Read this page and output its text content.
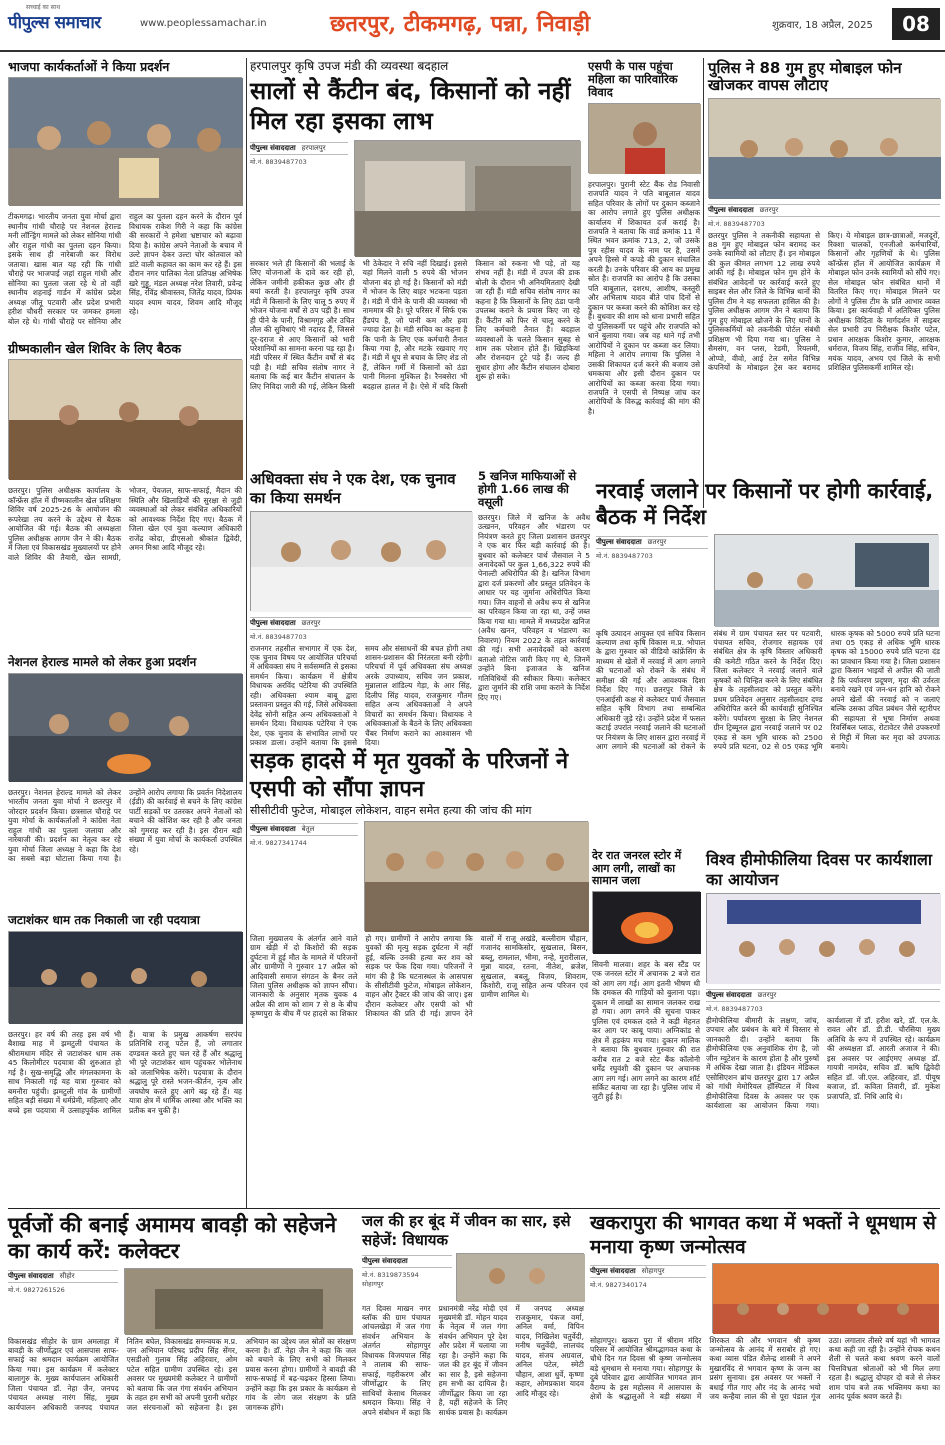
सच्चाई का साथ
पीपुल्स समाचार	www.peoplessamachar.in	छतरपुर, टीकमगढ़, पन्ना, निवाड़ी	शुक्रवार, 18 अप्रैल, 2025	08
भाजपा कार्यकर्ताओं ने किया प्रदर्शन
टीकमगढ़। भारतीय जनता युवा मोर्चा द्वारा स्थानीय गांधी चौराहे पर नेशनल हेराल्ड मनी लॉन्ड्रिंग मामले को लेकर सोनिया गांधी और राहुल गांधी का पुतला दहन किया। इसके साथ ही नारेबाजी कर विरोध जताया। खास बात यह रही कि गांधी चौराहे पर भाजपाई जहां राहुल गांधी और सोनिया का पुतला जला रहे थे तो वहीं स्थानीय शहनाई गार्डन में कांग्रेस प्रदेश अध्यक्ष जीतू पटवारी और प्रदेश प्रभारी हरीश चौधरी सरकार पर जमकर हमला बोल रहे थे। गांधी चौराहे पर सोनिया और राहुल का पुतला दहन करने के दौरान पूर्व विधायक राकेश गिरी ने कहा कि कांग्रेस की सरकारों ने हमेशा भ्रष्टाचार को बढ़ावा दिया है। कांग्रेस अपने नेताओं के बचाव में उल्टे ज्ञापन देकर उल्टा चोर कोतवाल को डांटे वाली कहावत का काम कर रहे हैं। इस दौरान नगर पालिका नेता प्रतिपक्ष अभिषेक खरे गुड्डू, मंडल अध्यक्ष नरेश तिवारी, प्रवेन्द्र सिंह, रविंद्र श्रीवास्तव, जितेंद्र यादव, प्रियंक यादव श्याम यादव, शिवम आदि मौजूद रहे।
ग्रीष्मकालीन खेल शिविर के लिए बैठक
छतरपुर। पुलिस अधीक्षक कार्यालय के कॉन्फ्रेंस हॉल में ग्रीष्मकालीन खेल प्रशिक्षण शिविर वर्ष 2025-26 के आयोजन की रूपरेखा तय करने के उद्देश्य से बैठक आयोजित की गई। बैठक की अध्यक्षता पुलिस अधीक्षक आगम जैन ने की। बैठक में जिला एवं विकासखंड मुख्यालयों पर होने वाले शिविर की तैयारी, खेल सामग्री, भोजन, पेयजल, साफ-सफाई, मैदान की स्थिति और खिलाड़ियों की सुरक्षा से जुड़ी व्यवस्थाओं को लेकर संबंधित अधिकारियों को आवश्यक निर्देश दिए गए। बैठक में जिला खेल एवं युवा कल्याण अधिकारी राजेंद्र कोदा, डीएसओ श्रीकांत द्विवेदी, अमन मिश्रा आदि मौजूद रहे।
नेशनल हेराल्ड मामले को लेकर हुआ प्रदर्शन
छतरपुर। नेशनल हेराल्ड मामले को लेकर भारतीय जनता युवा मोर्चा ने छतरपुर में जोरदार प्रदर्शन किया। छत्रसाल चौराहे पर युवा मोर्चा के कार्यकर्ताओं ने कांग्रेस नेता राहुल गांधी का पुतला जलाया और नारेबाजी की। प्रदर्शन का नेतृत्व कर रहे युवा मोर्चा जिला अध्यक्ष ने कहा कि देश का सबसे बड़ा घोटाला किया गया है। उन्होंने आरोप लगाया कि प्रवर्तन निदेशालय (ईडी) की कार्रवाई से बचने के लिए कांग्रेस पार्टी सड़कों पर उतरकर अपने नेताओं को बचाने की कोशिश कर रही है और जनता को गुमराह कर रही है। इस दौरान बड़ी संख्या में युवा मोर्चा के कार्यकर्ता उपस्थित रहे।
जटाशंकर धाम तक निकाली जा रही पदयात्रा
छतरपुर। हर वर्ष की तरह इस वर्ष भी बैशाख माह में झमटुली पंचायत के श्रीरामधाम मंदिर से जटाशंकर धाम तक 45 किलोमीटर पदयात्रा की शुरुआत हो गई है। सुख-समृद्धि और मंगलकामना के साथ निकाली गई यह यात्रा गुरुवार को बमनौरा पहुंची। झमटुली गांव के ग्रामीणों सहित बड़ी संख्या में धर्मप्रेमी, महिलाएं और बच्चे इस पदयात्रा में उत्साहपूर्वक शामिल हैं। यात्रा के प्रमुख आकर्षण सरपंच प्रतिनिधि राजू पटेल हैं, जो लगातार दण्डवत करते हुए चल रहे हैं और श्रद्धालु भी पूरे जटाशंकर धाम पहुंचकर भोलेनाथ को जलाभिषेक करेंगे। पदयात्रा के दौरान श्रद्धालु पूरे रास्ते भजन-कीर्तन, नृत्य और जयघोष करते हुए आगे बढ़ रहे हैं। यह यात्रा क्षेत्र में धार्मिक आस्था और भक्ति का प्रतीक बन चुकी है।
हरपालपुर कृषि उपज मंडी की व्यवस्था बदहाल
सालों से कैंटीन बंद, किसानों को नहीं मिल रहा इसका लाभ
पीपुल्स संवाददाता हरपालपुर
मो.नं. 8839487703
सरकार भले ही किसानों की भलाई के लिए योजनाओं के दावे कर रही हो, लेकिन जमीनी हकीकत कुछ और ही बयां करती है। हरपालपुर कृषि उपज मंडी में किसानों के लिए चालू 5 रुपए में भोजन योजना वर्षों से ठप पड़ी है। साथ ही पीने के पानी, विश्रामगृह और उचित तौल की सुविधाएं भी नदारद हैं, जिससे दूर-दराज से आए किसानों को भारी परेशानियों का सामना करना पड़ रहा है। मंडी परिसर में स्थित कैंटीन वर्षों से बंद पड़ी है। मंडी सचिव संतोष नागर ने बताया कि कई बार कैंटीन संचालन के लिए निविदा जारी की गई, लेकिन किसी भी ठेकेदार ने रुचि नहीं दिखाई। इससे यहां मिलने वाली 5 रुपये की भोजन योजना बंद हो गई है। किसानों को मंडी में भोजन के लिए बाहर भटकना पड़ता है। मंडी में पीने के पानी की व्यवस्था भी नाममात्र की है। पूरे परिसर में सिर्फ एक हैंडपंप है, जो पानी कम और हवा ज्यादा देता है। मंडी सचिव का कहना है कि पानी के लिए एक कर्मचारी तैनात किया गया है, और मटके रखवाए गए हैं। मंडी में धूप से बचाव के लिए शेड तो हैं, लेकिन गर्मी में किसानों को ठंडा पानी मिलना मुश्किल है। रैनबसेरा भी बदहाल हालत में है। ऐसे में यदि किसी किसान को रुकना भी पड़े, तो यह संभव नहीं है। मंडी में उपज की डाक बोली के दौरान भी अनियमितताएं देखी जा रही हैं। मंडी सचिव संतोष नागर का कहना है कि किसानों के लिए ठंडा पानी उपलब्ध कराने के प्रयास किए जा रहे हैं। कैंटीन को फिर से चालू करने के लिए कर्मचारी तैनात है। बदहाल व्यवस्थाओं के चलते किसान सुबह से शाम तक परेशान होते हैं। खिड़कियां और रोशनदान टूटे पड़े हैं। जल्द ही सुधार होगा और कैंटीन संचालन दोबारा शुरू हो सके।
एसपी के पास पहुंचा महिला का पारिवारिक विवाद
हरपालपुर। पुरानी स्टेट बैंक रोड निवासी राजपति यादव ने पति बाबूलाल यादव सहित परिवार के लोगों पर दुकान कब्जाने का आरोप लगाते हुए पुलिस अधीक्षक कार्यालय में शिकायत दर्ज कराई है। राजपति ने बताया कि वार्ड क्रमांक 11 में स्थित भवन क्रमांक 713, 2, जो उसके पुत्र रहीस यादव के नाम पर है, उसमें अपने हिस्से में कपड़े की दुकान संचालित करती है। उनके परिवार की आय का प्रमुख स्रोत है। राजपति का आरोप है कि उसका पति बाबूलाल, दशरथ, आशीष, कस्तूरी और अभिलाष यादव बीते पांच दिनों से दुकान पर कब्जा करने की कोशिश कर रहे हैं। बुधवार की शाम को धाना प्रभारी सहित दो पुलिसकर्मी पर पहुंचे और राजपति को धाने बुलाया गया। जब वह थाने गई तभी आरोपियों ने दुकान पर कब्जा कर लिया। महिला ने आरोप लगाया कि पुलिस ने उसकी शिकायत दर्ज करने की बजाय उसे धमकाया और इसी दौरान दुकान पर आरोपियों का कब्जा करवा दिया गया। राजपति ने एसपी से निष्पक्ष जांच कर आरोपियों के विरुद्ध कार्रवाई की मांग की है।
पुलिस ने 88 गुम हुए मोबाइल फोन खोजकर वापस लौटाए
पीपुल्स संवाददाता छतरपुर
मो.नं. 8839487703
छतरपुर पुलिस ने तकनीकी सहायता से 88 गुम हुए मोबाइल फोन बरामद कर उनके स्वामियों को लौटाए हैं। इन मोबाइल की कुल कीमत लगभग 12 लाख रुपये आंकी गई है। मोबाइल फोन गुम होने के संबंधित आवेदनों पर कार्रवाई करते हुए साइबर सेल और जिले के विभिन्न थानों की पुलिस टीम ने यह सफलता हासिल की है। पुलिस अधीक्षक आगम जैन ने बताया कि गुम हुए मोबाइल खोजने के लिए थानों के पुलिसकर्मियों को तकनीकी पोर्टल संबंधी प्रशिक्षण भी दिया गया था। पुलिस ने सैमसंग, वन प्लस, रेडमी, रियलमी, ओप्पो, वीवो, आई टेल समेत विभिन्न कंपनियों के मोबाइल ट्रेस कर बरामद किए। ये मोबाइल छात्र-छात्राओं, मजदूरों, रिक्शा चालकों, एनजीओ कर्मचारियों, किसानों और गृहणियों के थे। पुलिस कॉन्फ्रेंस हॉल में आयोजित कार्यक्रम में मोबाइल फोन उनके स्वामियों को सौंपे गए। सेल मोबाइल फोन संबंधित थानों में वितरित किए गए। मोबाइल मिलने पर लोगों ने पुलिस टीम के प्रति आभार व्यक्त किया। इस कार्यवाही में अतिरिक्त पुलिस अधीक्षक विदिता के मार्गदर्शन में साइबर सेल प्रभारी उप निरीक्षक किशोर पटेल, प्रधान आरक्षक किशोर कुमार, आरक्षक धर्मराज, विजय सिंह, राजीव सिंह, सचिन, मयंक यादव, अभय एवं जिले के सभी प्रशिक्षित पुलिसकर्मी शामिल रहे।
अधिवक्ता संघ ने एक देश, एक चुनाव का किया समर्थन
पीपुल्स संवाददाता छतरपुर
मो.नं. 8839487703
राजनगर तहसील सभागार में एक देश, एक चुनाव विषय पर आयोजित परिचर्चा में अधिवक्ता संघ ने सर्वसम्मति से इसका समर्थन किया। कार्यक्रम में क्षेत्रीय विधायक अरविंद पटेरिया की उपस्थिति रही। अधिवक्ता श्याम बाबू द्वारा प्रस्तावना प्रस्तुत की गई, जिसे अधिवक्ता देवेंद्र सोनी सहित अन्य अधिवक्ताओं ने समर्थन दिया। विधायक पटेरिया ने एक देश, एक चुनाव के संभावित लाभों पर प्रकाश डाला। उन्होंने बताया कि इससे समय और संसाधनों की बचत होगी तथा शासन-प्रशासन की निरंतरता बनी रहेगी। परिचर्चा में पूर्व अधिवक्ता संघ अध्यक्ष अरके उपाध्याय, सचिव जन प्रकाश, मुन्नालाल शांडिल्य गेड़ा, के आर सिंह, दिलीप सिंह यादव, राजकुमार गौतम सहित अन्य अधिवक्ताओं ने अपने विचारों का समर्थन किया। विधायक ने अधिवक्ताओं के बैठने के लिए अधिवक्ता चैंबर निर्माण कराने का आश्वासन भी दिया।
5 खनिज माफियाओं से होगी 1.66 लाख की वसूली
छतरपुर। जिले में खनिज के अवैध उत्खनन, परिवहन और भंडारण पर नियंत्रण करते हुए जिला प्रशासन छतरपुर ने एक बार फिर बड़ी कार्रवाई की है। बुधवार को कलेक्टर पार्थ जैसवाल ने 5 अनावेदकों पर कुल 1,66,322 रुपये की पेनाल्टी अधिरोपित की है। खनिज विभाग द्वारा दर्ज प्रकरणों और प्रस्तुत प्रतिवेदन के आधार पर यह जुर्माना अधिरोपित किया गया। जिन वाहनों से अवैध रूप से खनिज का परिवहन किया जा रहा था, उन्हें जब्त किया गया था। मामले में मध्यप्रदेश खनिज (अवैध खनन, परिवहन व भंडारण का निवारण) नियम 2022 के तहत कार्रवाई की गई। सभी अनावेदकों को कारण बताओ नोटिस जारी किए गए थे, जिनमें उन्होंने बिना इजाजत के खनिज गतिविधियों की स्वीकार किया। कलेक्टर द्वारा जुर्माने की राशि जमा कराने के निर्देश दिए गए।
नरवाई जलाने पर किसानों पर होगी कार्रवाई, बैठक में निर्देश
पीपुल्स संवाददाता छतरपुर
मो.नं. 8839487703
कृषि उत्पादन आयुक्त एवं सचिव किसान कल्याण तथा कृषि विकास म.प्र. भोपाल के द्वारा गुरुवार को वीडियो कांफ्रेंसिंग के माध्यम से खेतों में नरवाई में आग लगाने की घटनाओं को रोकने के संबंध में समीक्षा की गई और आवश्यक दिशा निर्देश दिए गए। छतरपुर जिले के एनआईसी कक्ष से कलेक्टर पार्थ जैसवाल सहित कृषि विभाग तथा सम्बन्धित अधिकारी जुड़े रहे। उन्होंने प्रदेश में फसल कटाई उपरांत नरवाई जलाने की घटनाओं पर नियंत्रण के लिए शासन द्वारा नरवाई में आग लगाने की घटनाओं को रोकने के संबंध में ग्राम पंचायत स्तर पर पटवारी, पंचायत सचिव, रोजगार सहायक एवं संबंधित क्षेत्र के कृषि विस्तार अधिकारी की कमेटी गठित करने के निर्देश दिए। जिला कलेक्टर ने नरवाई जलाने वाले कृषकों को चिन्हित करने के लिए संबंधित क्षेत्र के तहसीलदार को प्रस्तुत करेंगे। प्रथम प्रतिवेदन अनुसार तहसीलदार दण्ड अधिरोपित करने की कार्यवाही सुनिश्चित करेंगे। पर्यावरण सुरक्षा के लिए नेशनल ग्रीन ट्रिब्यूनल द्वारा नरवाई जलाने पर 02 एकड़ से कम भूमि धारक को 2500 रुपये प्रति घटना, 02 से 05 एकड़ भूमि धारक कृषक को 5000 रुपये प्रति घटना तथा 05 एकड़ से अधिक भूमि धारक कृषक को 15000 रुपये प्रति घटना दंड का प्रावधान किया गया है। जिला प्रशासन द्वारा किसान भाइयों से अपील की जाती है कि पर्यावरण प्रदूषण, मृदा की उर्वरता बनाये रखने एवं जन-धन हानि को रोकने अपने खेतों की नरवाई को न जलाएं बल्कि उसका उचित प्रबंधन जैसे स्ट्रारीपर की सहायता से भूषा निर्माण अथवा रिवर्सिबल प्लाऊ, रोटावेटर जैसे उपकरणों से मिट्टी में मिला कर मृदा को उपजाऊ बनाये।
सड़क हादसे में मृत युवकों के परिजनों ने एसपी को सौंपा ज्ञापन
सीसीटीवी फुटेज, मोबाइल लोकेशन, वाहन समेत हत्या की जांच की मांग
पीपुल्स संवाददाता बेतूल
मो.नं. 9827341744
जिला मुख्यालय के अंतर्गत आने वाले ग्राम खेड़ी में दो किशोरों की सड़क दुर्घटना में हुई मौत के मामले में परिजनों और ग्रामीणों ने गुरुवार 17 अप्रैल को आदिवासी समाज संगठन के बैनर तले जिला पुलिस अधीक्षक को ज्ञापन सौंपा। जानकारी के अनुसार मृतक युवक 4 अप्रैल की शाम को शाम 7 से 8 के बीच कृष्णपुरा के बीच मैं पर हादसे का शिकार हो गए। ग्रामीणों ने आरोप लगाया कि युवकों की मृत्यु सड़क दुर्घटना में नहीं हुई, बल्कि उनकी हत्या कर शव को सड़क पर फेंक दिया गया। परिजनों ने मांग की है कि घटनास्थल के आसपास के सीसीटीवी फुटेज, मोबाइल लोकेशन, वाहन और ट्रैक्टर की जांच की जाए। इस दौरान कलेक्टर और एसपी को भी शिकायत की प्रति दी गई। ज्ञापन देने वालों में राजू अखंडे, बल्लीराम चौहान, गजानंद सामकिसोर, सुखलाल, बिसन, बब्लू, रामलाल, भीमा, नन्हे, मुरारीलाल, मुन्ना यादव, रतना, नीतेश, ब्रजेश, सुखलाल, बबलू, विजय, शिवराम, किशोरी, राजू सहित अन्य परिजन एवं ग्रामीण शामिल थे।
देर रात जनरल स्टोर में आग लगी, लाखों का सामान जला
सिवनी मालवा। शहर के बस स्टैंड पर एक जनरल स्टोर में अचानक 2 बजे रात को आग लग गई। आग इतनी भीषण थी कि दमकल की गाड़ियों को बुलाना पड़ा। दुकान में लाखों का सामान जलकर राख हो गया। आग लगने की सूचना पाकर पुलिस एवं दमकल दस्ते ने कड़ी मेहनत कर आग पर काबू पाया। अग्निकांड से क्षेत्र में हड़कंप मच गया। दुकान मालिक ने बताया कि बुधवार गुरुवार की रात करीब रात 2 बजे स्टेट बैंक कॉलोनी धर्मेंद्र रघुवंशी की दुकान पर अचानक आग लग गई। आग लगने का कारण शॉर्ट सर्किट बताया जा रहा है। पुलिस जांच में जुटी हुई है।
विश्व हीमोफीलिया दिवस पर कार्यशाला का आयोजन
पीपुल्स संवाददाता छतरपुर
मो.नं. 8839487703
हीमोफीलिया बीमारी के लक्षण, जांच, उपचार और प्रबंधन के बारे में विस्तार से जानकारी दी। उन्होंने बताया कि हीमोफीलिया एक अनुवांशिक रोग है, जो जीन म्यूटेशन के कारण होता है और पुरुषों में अधिक देखा जाता है। इंडियन मेडिकल एसोसिएशन ब्रांच छतरपुर द्वारा 17 अप्रैल को गांधी मेमोरियल हॉस्पिटल में विश्व हीमोफीलिया दिवस के अवसर पर एक कार्यशाला का आयोजन किया गया। कार्यशाला में डॉ. हरीश खरे, डॉ. एल.के. रावत और डॉ. डी.डी. चौरसिया मुख्य अतिथि के रूप में उपस्थित रहे। कार्यक्रम की अध्यक्षता डॉ. आरती अजाज ने की। इस अवसर पर आईएमए अध्यक्ष डॉ. गायत्री नामदेव, सचिव डॉ. ऋषि द्विवेदी सहित डॉ. जी.एल. अहिरवार, डॉ. पीयूष बजाज, डॉ. कविता तिवारी, डॉ. मुकेश प्रजापति, डॉ. निधि आदि थे।
पूर्वजों की बनाई अमामय बावड़ी को सहेजने का कार्य करें: कलेक्टर
पीपुल्स संवाददाता सीहोर
मो.नं. 9827261526
विकासखंड सीहोर के ग्राम अमलाहा में बावड़ी के जीर्णोद्धार एवं आसपास साफ-सफाई का श्रमदान कार्यक्रम आयोजित किया गया। इस कार्यक्रम में कलेक्टर बालागुरु के. मुख्य कार्यपालन अधिकारी जिला पंचायत डॉ. नेहा जैन, जनपद पंचायत अध्यक्ष नारंग सिंह, मुख्य कार्यपालन अधिकारी जनपद पंचायत नितिन बघेल, विकासखंड समन्वयक म.प्र. जन अभियान परिषद प्रदीप सिंह सेंगर, एसडीओ गुलाब सिंह अहिरवार, ओम पटेल सहित ग्रामीण उपस्थित रहे। इस अवसर पर मुख्यमंत्री कलेक्टर ने ग्रामीणों को बताया कि जल गंगा संवर्धन अभियान के तहत हम सभी को अपनी पुरानी धरोहर जल संरचनाओं को सहेजना है। इस अभियान का उद्देश्य जल स्रोतों का संरक्षण करना है। डॉ. नेहा जैन ने कहा कि जल को बचाने के लिए सभी को मिलकर प्रयास करना होगा। ग्रामीणों ने बावड़ी की साफ-सफाई में बढ़-चढ़कर हिस्सा लिया। उन्होंने कहा कि इस प्रकार के कार्यक्रम से गांव के लोग जल संरक्षण के प्रति जागरूक होंगे।
जल की हर बूंद में जीवन का सार, इसे सहेजें: विधायक
पीपुल्स संवाददाता
मो.नं. 8319873594
सोहागपुर
गत दिवस माखन नगर ब्लॉक की ग्राम पंचायत आंचलखेड़ा में जल गंगा संवर्धन अभियान के अंतर्गत सोहागपुर विधायक विजयपाल सिंह ने तालाब की साफ-सफाई, गहरीकरण और जीर्णोद्धार के लिए साथियों केसाथ मिलकर श्रमदान किया। सिंह ने अपने संबोधन में कहा कि प्रधानमंत्री नरेंद्र मोदी एवं मुख्यमंत्री डॉ. मोहन यादव के नेतृत्व में जल गंगा संवर्धन अभियान पूरे देश और प्रदेश में चलाया जा रहा है। उन्होंने कहा कि जल की हर बूंद में जीवन का सार है, इसे सहेजना हम सभी का दायित्व है। जीर्णोद्धार किया जा रहा है, यहीं सहेजने के लिए सार्थक प्रयास है। कार्यक्रम में जनपद अध्यक्ष राजकुमार, पंकज वर्मा, अनिल वर्मा, विपिन यादव, निखिलेश चतुर्वेदी, मनीष चतुर्वेदी, लालचंद यादव, संजय अग्रवाल, अनिल पटेल, स्मेटी चौहान, आशा धुर्वे, कृष्णा कहार, ओमप्रकाश यादव आदि मौजूद रहे।
खकरापुरा की भागवत कथा में भक्तों ने धूमधाम से मनाया कृष्ण जन्मोत्सव
पीपुल्स संवाददाता सोहागपुर
मो.नं. 9827340174
सोहागपुर। खकरा पुरा में श्रीराम मंदिर परिसर में आयोजित श्रीमद्भागवत कथा के चौथे दिन गत दिवस श्री कृष्ण जन्मोत्सव बड़े धूमधाम से मनाया गया। सोहागपुर के दुबे परिवार द्वारा आयोजित भागवत ज्ञान वैराग्य के इस महोत्सव में आसपास के क्षेत्रों के श्रद्धालुओं ने बड़ी संख्या में शिरकत की और भगवान श्री कृष्ण जन्मोत्सव के आनंद में सराबोर हो गए। कथा व्यास पंडित शैलेन्द्र शास्त्री ने अपने मुखारविंद से भगवान कृष्ण के जन्म का प्रसंग सुनाया। इस अवसर पर भक्तों ने बधाई गीत गाए और नंद के आनंद भयो जय कन्हैया लाल की से पूरा पंडाल गूंज उठा। लगातार तीसरे वर्ष यहां भी भागवत कथा कही जा रही है। उन्होंने रोचक कथन शैली से चलते कथा श्रवण करने वालों चित्तविभ्रता श्रोताओं को भी मिल लगा रहता है। श्रद्धालु दोपहर दो बजे से लेकर शाम पांच बजे तक भक्तिमय कथा का आनंद पूर्वक श्रवण करते हैं।
